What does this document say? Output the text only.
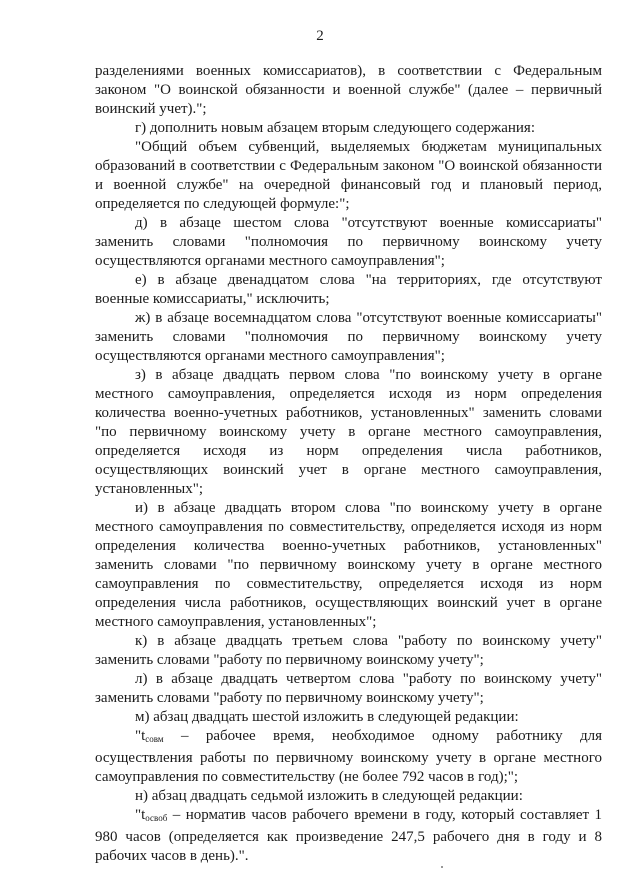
2

разделениями военных комиссариатов), в соответствии с Федеральным законом "О воинской обязанности и военной службе" (далее – первичный воинский учет).";

г) дополнить новым абзацем вторым следующего содержания:

"Общий объем субвенций, выделяемых бюджетам муниципальных образований в соответствии с Федеральным законом "О воинской обязанности и военной службе" на очередной финансовый год и плановый период, определяется по следующей формуле:";

д) в абзаце шестом слова "отсутствуют военные комиссариаты" заменить словами "полномочия по первичному воинскому учету осуществляются органами местного самоуправления";

е) в абзаце двенадцатом слова "на территориях, где отсутствуют военные комиссариаты," исключить;

ж) в абзаце восемнадцатом слова "отсутствуют военные комиссариаты" заменить словами "полномочия по первичному воинскому учету осуществляются органами местного самоуправления";

з) в абзаце двадцать первом слова "по воинскому учету в органе местного самоуправления, определяется исходя из норм определения количества военно-учетных работников, установленных" заменить словами "по первичному воинскому учету в органе местного самоуправления, определяется исходя из норм определения числа работников, осуществляющих воинский учет в органе местного самоуправления, установленных";

и) в абзаце двадцать втором слова "по воинскому учету в органе местного самоуправления по совместительству, определяется исходя из норм определения количества военно-учетных работников, установленных" заменить словами "по первичному воинскому учету в органе местного самоуправления по совместительству, определяется исходя из норм определения числа работников, осуществляющих воинский учет в органе местного самоуправления, установленных";

к) в абзаце двадцать третьем слова "работу по воинскому учету" заменить словами "работу по первичному воинскому учету";

л) в абзаце двадцать четвертом слова "работу по воинскому учету" заменить словами "работу по первичному воинскому учету";

м) абзац двадцать шестой изложить в следующей редакции:

"$t_{совм}$ – рабочее время, необходимое одному работнику для осуществления работы по первичному воинскому учету в органе местного самоуправления по совместительству (не более 792 часов в год);";

н) абзац двадцать седьмой изложить в следующей редакции:

"$t_{освоб}$ – норматив часов рабочего времени в году, который составляет 1 980 часов (определяется как произведение 247,5 рабочего дня в году и 8 рабочих часов в день).".
